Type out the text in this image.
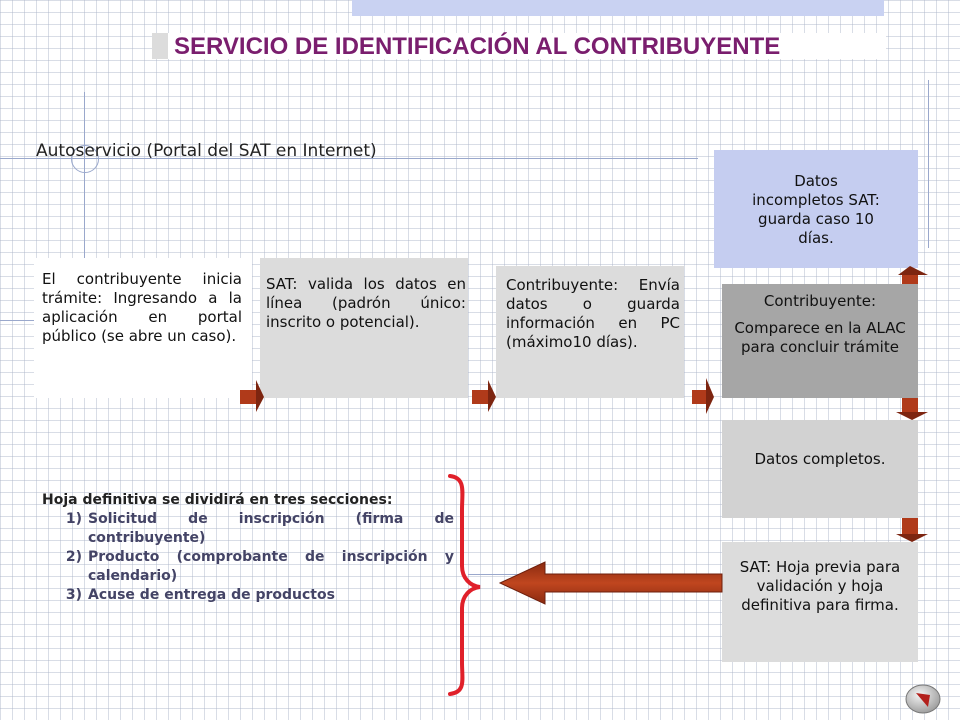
SERVICIO DE IDENTIFICACIÓN AL CONTRIBUYENTE
Autoservicio (Portal del SAT en Internet)
El contribuyente inicia trámite: Ingresando a la aplicación en portal público (se abre un caso).
SAT: valida los datos en línea (padrón único: inscrito o potencial).
Contribuyente: Envía datos o guarda información en PC (máximo10 días).
Datos incompletos SAT: guarda caso 10 días.

Contribuyente:

Comparece en la ALAC para concluir trámite

Datos completos.
SAT: Hoja previa para validación y hoja definitiva para firma.
Hoja definitiva se dividirá en tres secciones:
1) Solicitud de inscripción (firma de contribuyente)
2) Producto (comprobante de inscripción y calendario)
3) Acuse de entrega de productos
